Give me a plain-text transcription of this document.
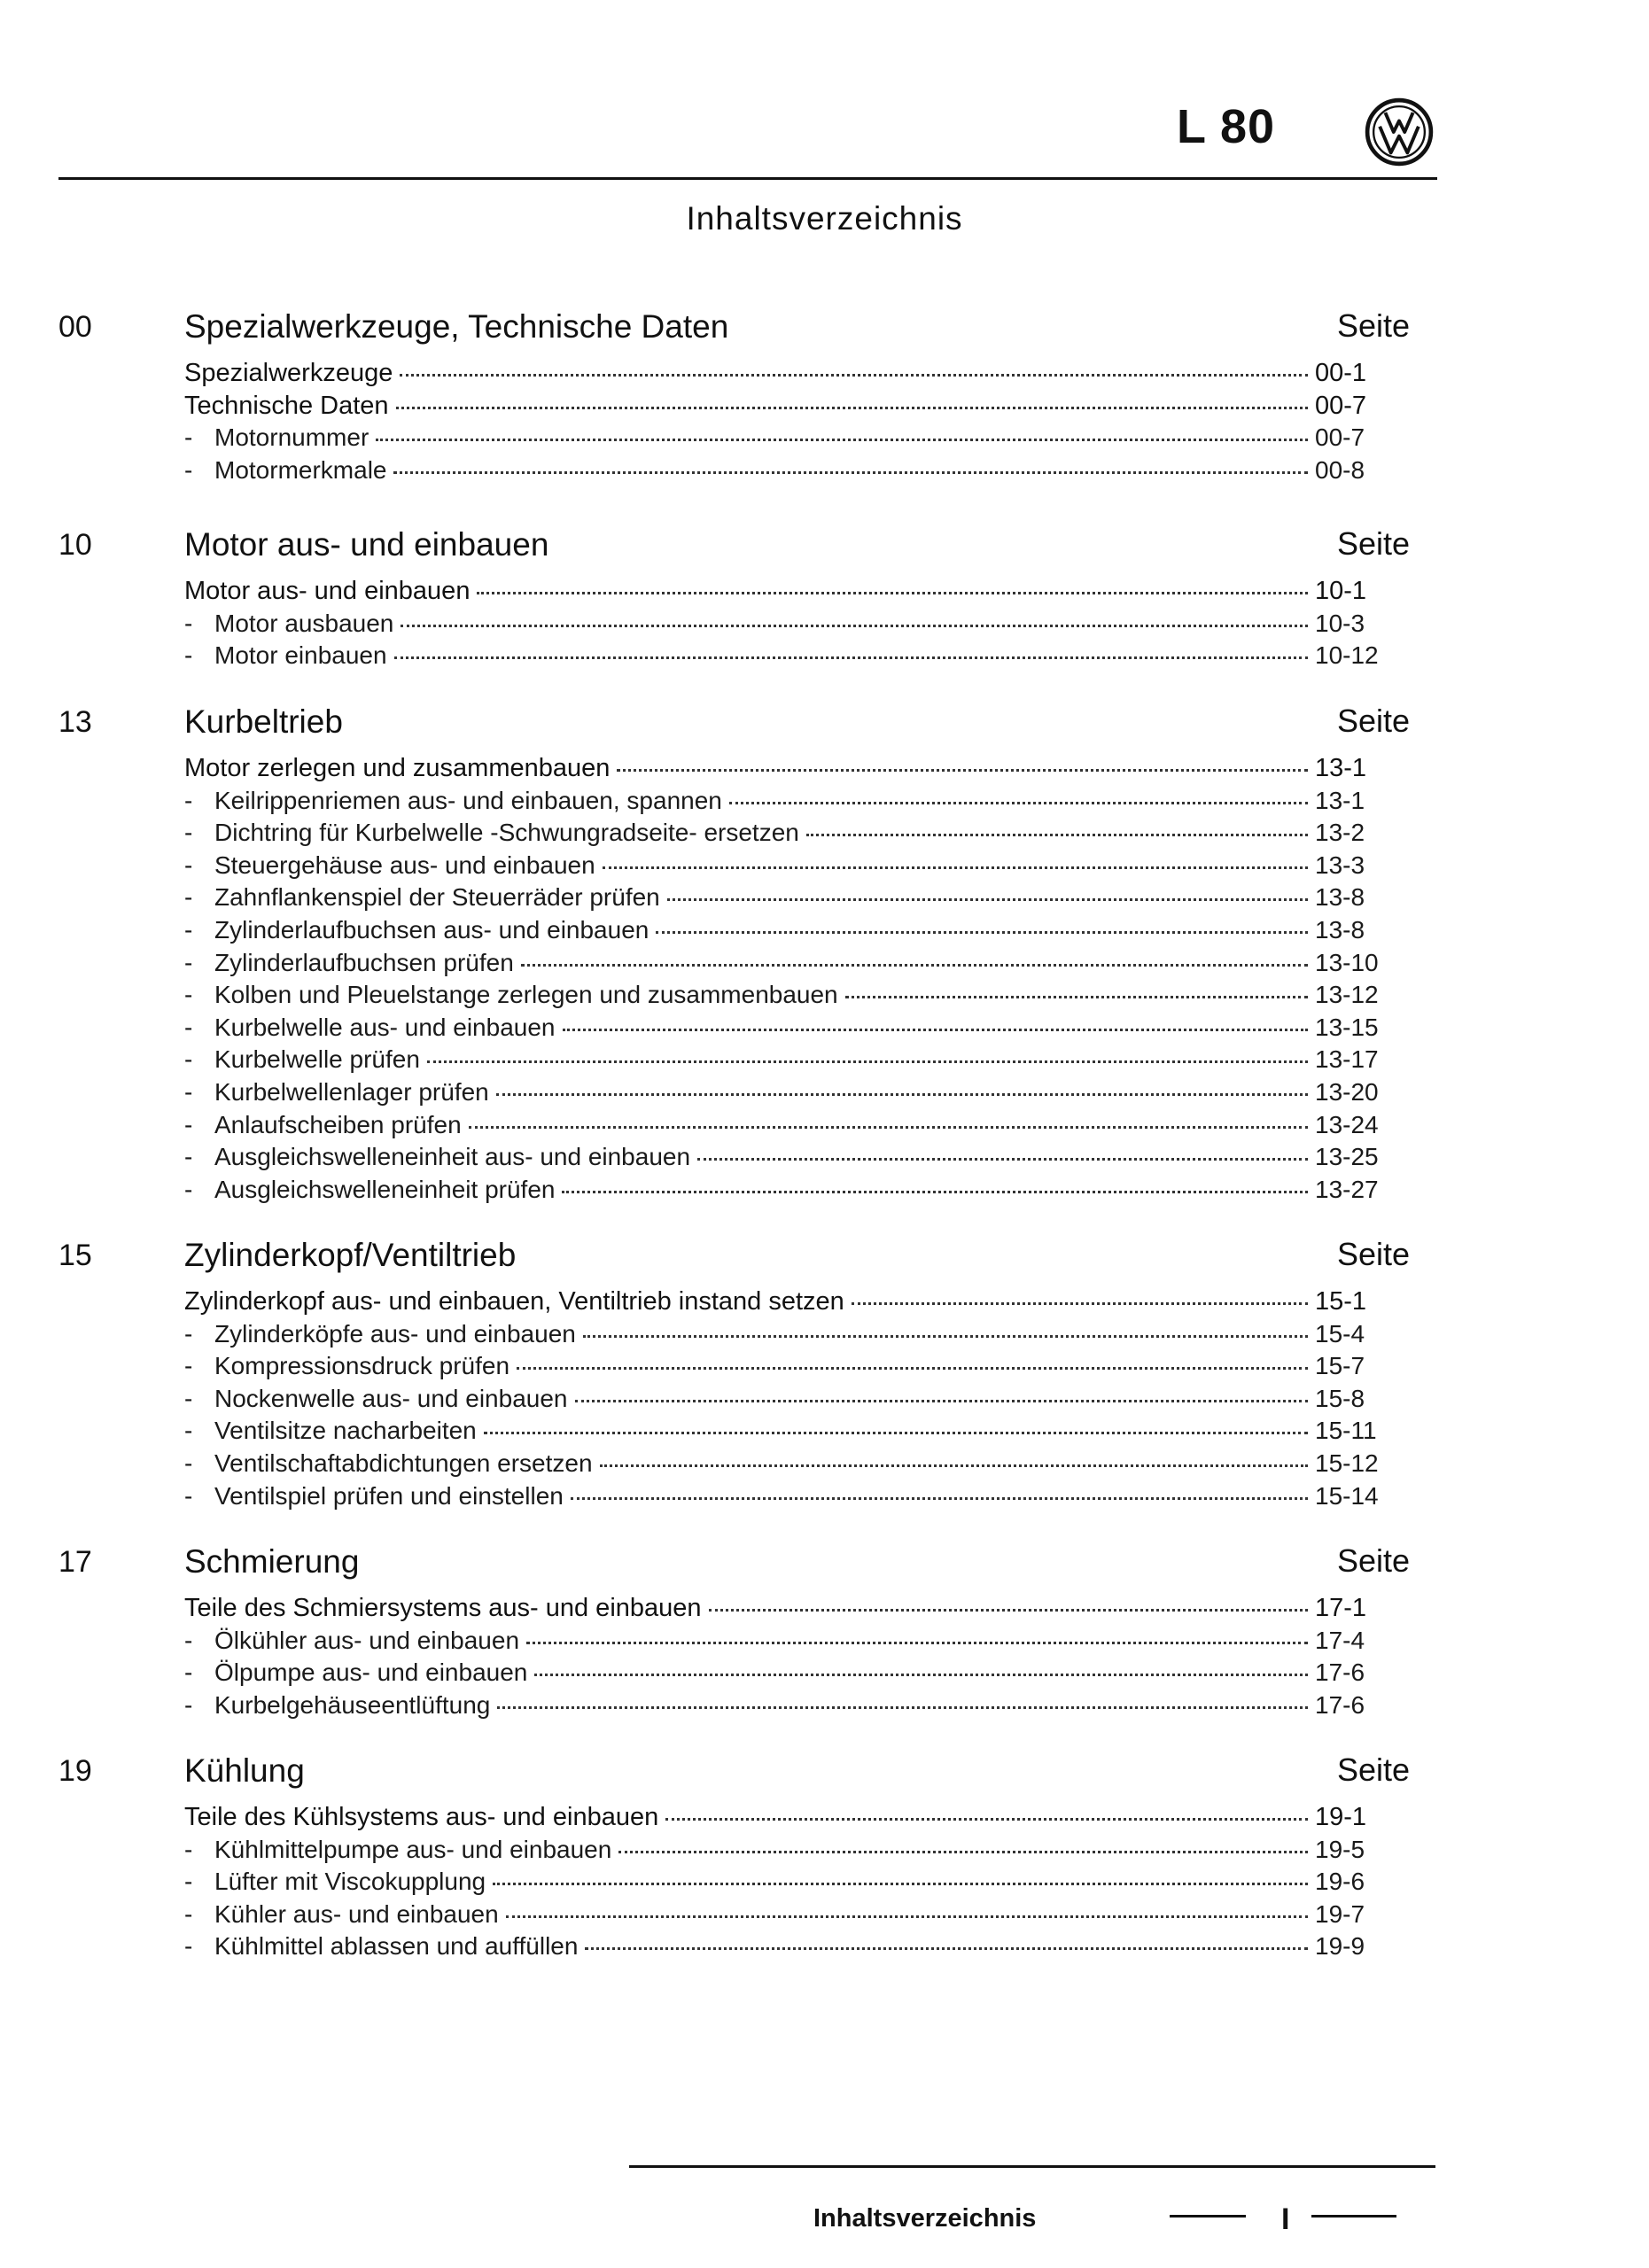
L 80
Inhaltsverzeichnis
00	Spezialwerkzeuge, Technische Daten	Seite
Spezialwerkzeuge	00-1
Technische Daten	00-7
- Motornummer	00-7
- Motormerkmale	00-8
10	Motor aus- und einbauen	Seite
Motor aus- und einbauen	10-1
- Motor ausbauen	10-3
- Motor einbauen	10-12
13	Kurbeltrieb	Seite
Motor zerlegen und zusammenbauen	13-1
- Keilrippenriemen aus- und einbauen, spannen	13-1
- Dichtring für Kurbelwelle -Schwungradseite- ersetzen	13-2
- Steuergehäuse aus- und einbauen	13-3
- Zahnflankenspiel der Steuerräder prüfen	13-8
- Zylinderlaufbuchsen aus- und einbauen	13-8
- Zylinderlaufbuchsen prüfen	13-10
- Kolben und Pleuelstange zerlegen und zusammenbauen	13-12
- Kurbelwelle aus- und einbauen	13-15
- Kurbelwelle prüfen	13-17
- Kurbelwellenlager prüfen	13-20
- Anlaufscheiben prüfen	13-24
- Ausgleichswelleneinheit aus- und einbauen	13-25
- Ausgleichswelleneinheit prüfen	13-27
15	Zylinderkopf/Ventiltrieb	Seite
Zylinderkopf aus- und einbauen, Ventiltrieb instand setzen	15-1
- Zylinderköpfe aus- und einbauen	15-4
- Kompressionsdruck prüfen	15-7
- Nockenwelle aus- und einbauen	15-8
- Ventilsitze nacharbeiten	15-11
- Ventilschaftabdichtungen ersetzen	15-12
- Ventilspiel prüfen und einstellen	15-14
17	Schmierung	Seite
Teile des Schmiersystems aus- und einbauen	17-1
- Ölkühler aus- und einbauen	17-4
- Ölpumpe aus- und einbauen	17-6
- Kurbelgehäuseentlüftung	17-6
19	Kühlung	Seite
Teile des Kühlsystems aus- und einbauen	19-1
- Kühlmittelpumpe aus- und einbauen	19-5
- Lüfter mit Viscokupplung	19-6
- Kühler aus- und einbauen	19-7
- Kühlmittel ablassen und auffüllen	19-9
Inhaltsverzeichnis	I
